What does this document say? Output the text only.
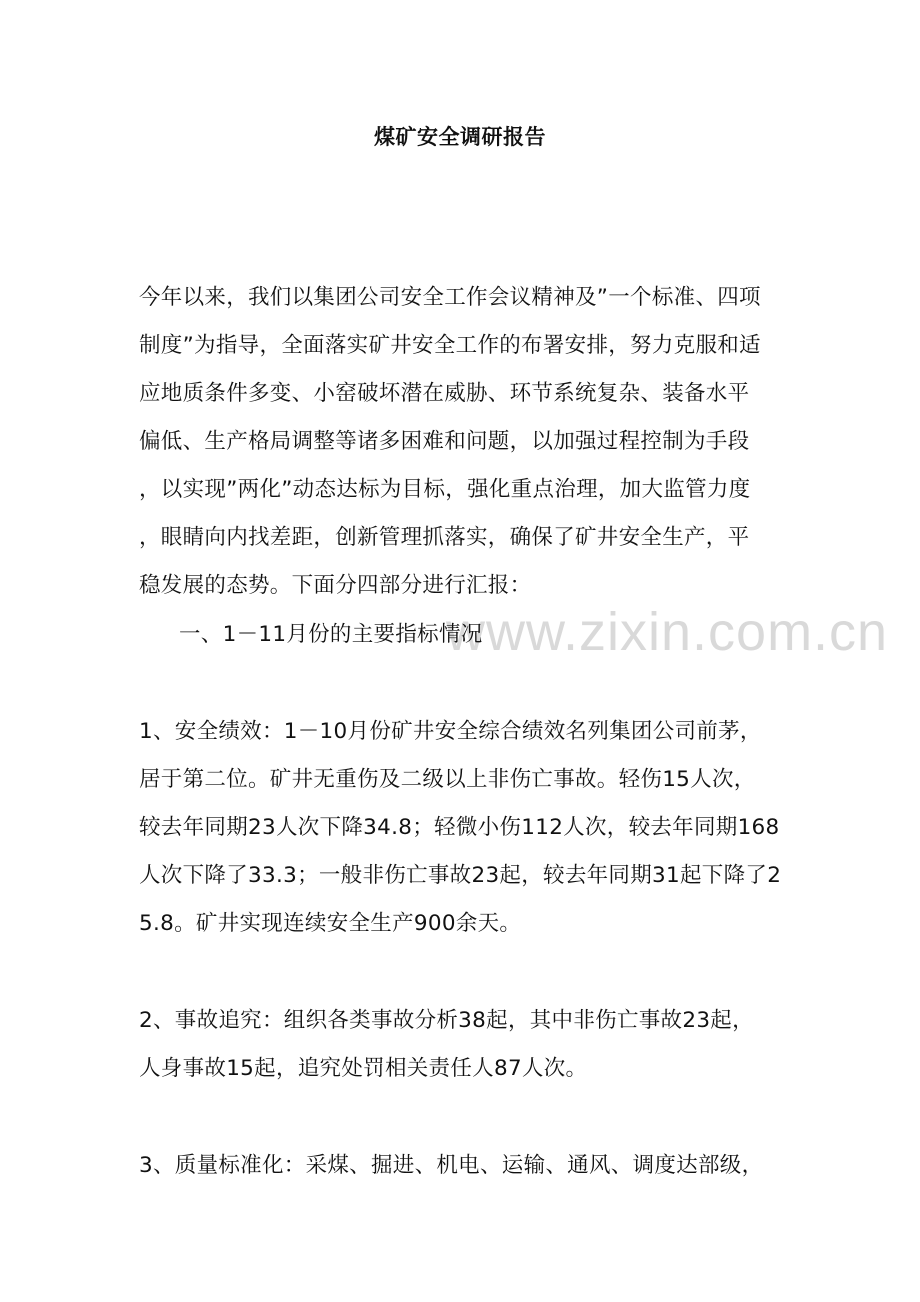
www.zixin.com.cn
煤矿安全调研报告
今年以来，我们以集团公司安全工作会议精神及”一个标准、四项
制度”为指导，全面落实矿井安全工作的布署安排，努力克服和适
应地质条件多变、小窑破坏潜在威胁、环节系统复杂、装备水平
偏低、生产格局调整等诸多困难和问题，以加强过程控制为手段
，以实现”两化”动态达标为目标，强化重点治理，加大监管力度
，眼睛向内找差距，创新管理抓落实，确保了矿井安全生产，平
稳发展的态势。下面分四部分进行汇报：
一、1－11月份的主要指标情况
1、安全绩效：1－10月份矿井安全综合绩效名列集团公司前茅，
居于第二位。矿井无重伤及二级以上非伤亡事故。轻伤15人次，
较去年同期23人次下降34.8；轻微小伤112人次，较去年同期168
人次下降了33.3；一般非伤亡事故23起，较去年同期31起下降了2
5.8。矿井实现连续安全生产900余天。
2、事故追究：组织各类事故分析38起，其中非伤亡事故23起，
人身事故15起，追究处罚相关责任人87人次。
3、质量标准化：采煤、掘进、机电、运输、通风、调度达部级，
